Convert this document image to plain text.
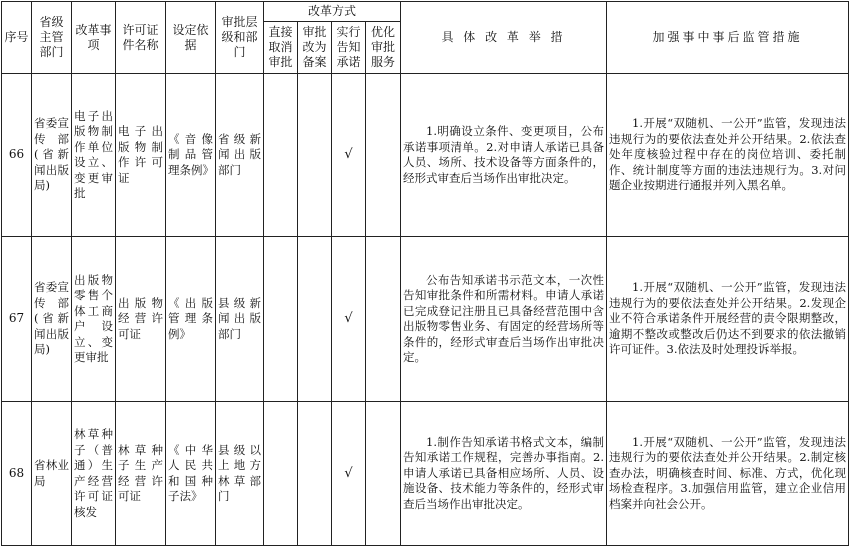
序号	省级主管部门	改革事项	许可证件名称	设定依据	审批层级和部门	改革方式				具 体 改 革 举 措	加强事中事后监管措施
						直接取消审批	审批改为备案	实行告知承诺	优化审批服务		
66	省委宣传部(省新闻出版局)	电子出版物制作单位设立、变更审批	电子出版物制作许可证	《音像制品管理条例》	省级新闻出版部门			√		1.明确设立条件、变更项目，公布承诺事项清单。2.对申请人承诺已具备人员、场所、技术设备等方面条件的，经形式审查后当场作出审批决定。	1.开展“双随机、一公开”监管，发现违法违规行为的要依法查处并公开结果。2.依法查处年度核验过程中存在的岗位培训、委托制作、统计制度等方面的违法违规行为。3.对问题企业按期进行通报并列入黑名单。
67	省委宣传部(省新闻出版局)	出版物零售个体工商户设立、变更审批	出版物经营许可证	《出版管理条例》	县级新闻出版部门			√		公布告知承诺书示范文本，一次性告知审批条件和所需材料。申请人承诺已完成登记注册且已具备经营范围中含出版物零售业务、有固定的经营场所等条件的，经形式审查后当场作出审批决定。	1.开展“双随机、一公开”监管，发现违法违规行为的要依法查处并公开结果。2.发现企业不符合承诺条件开展经营的责令限期整改，逾期不整改或整改后仍达不到要求的依法撤销许可证件。3.依法及时处理投诉举报。
68	省林业局	林草种子（普通）生产经营许可证核发	林草种子生产经营许可证	《中华人民共和国种子法》	县级以上地方林草部门			√		1.制作告知承诺书格式文本，编制告知承诺工作规程，完善办事指南。2.申请人承诺已具备相应场所、人员、设施设备、技术能力等条件的，经形式审查后当场作出审批决定。	1.开展“双随机、一公开”监管，发现违法违规行为的要依法查处并公开结果。2.制定核查办法，明确核查时间、标准、方式，优化现场检查程序。3.加强信用监管，建立企业信用档案并向社会公开。
